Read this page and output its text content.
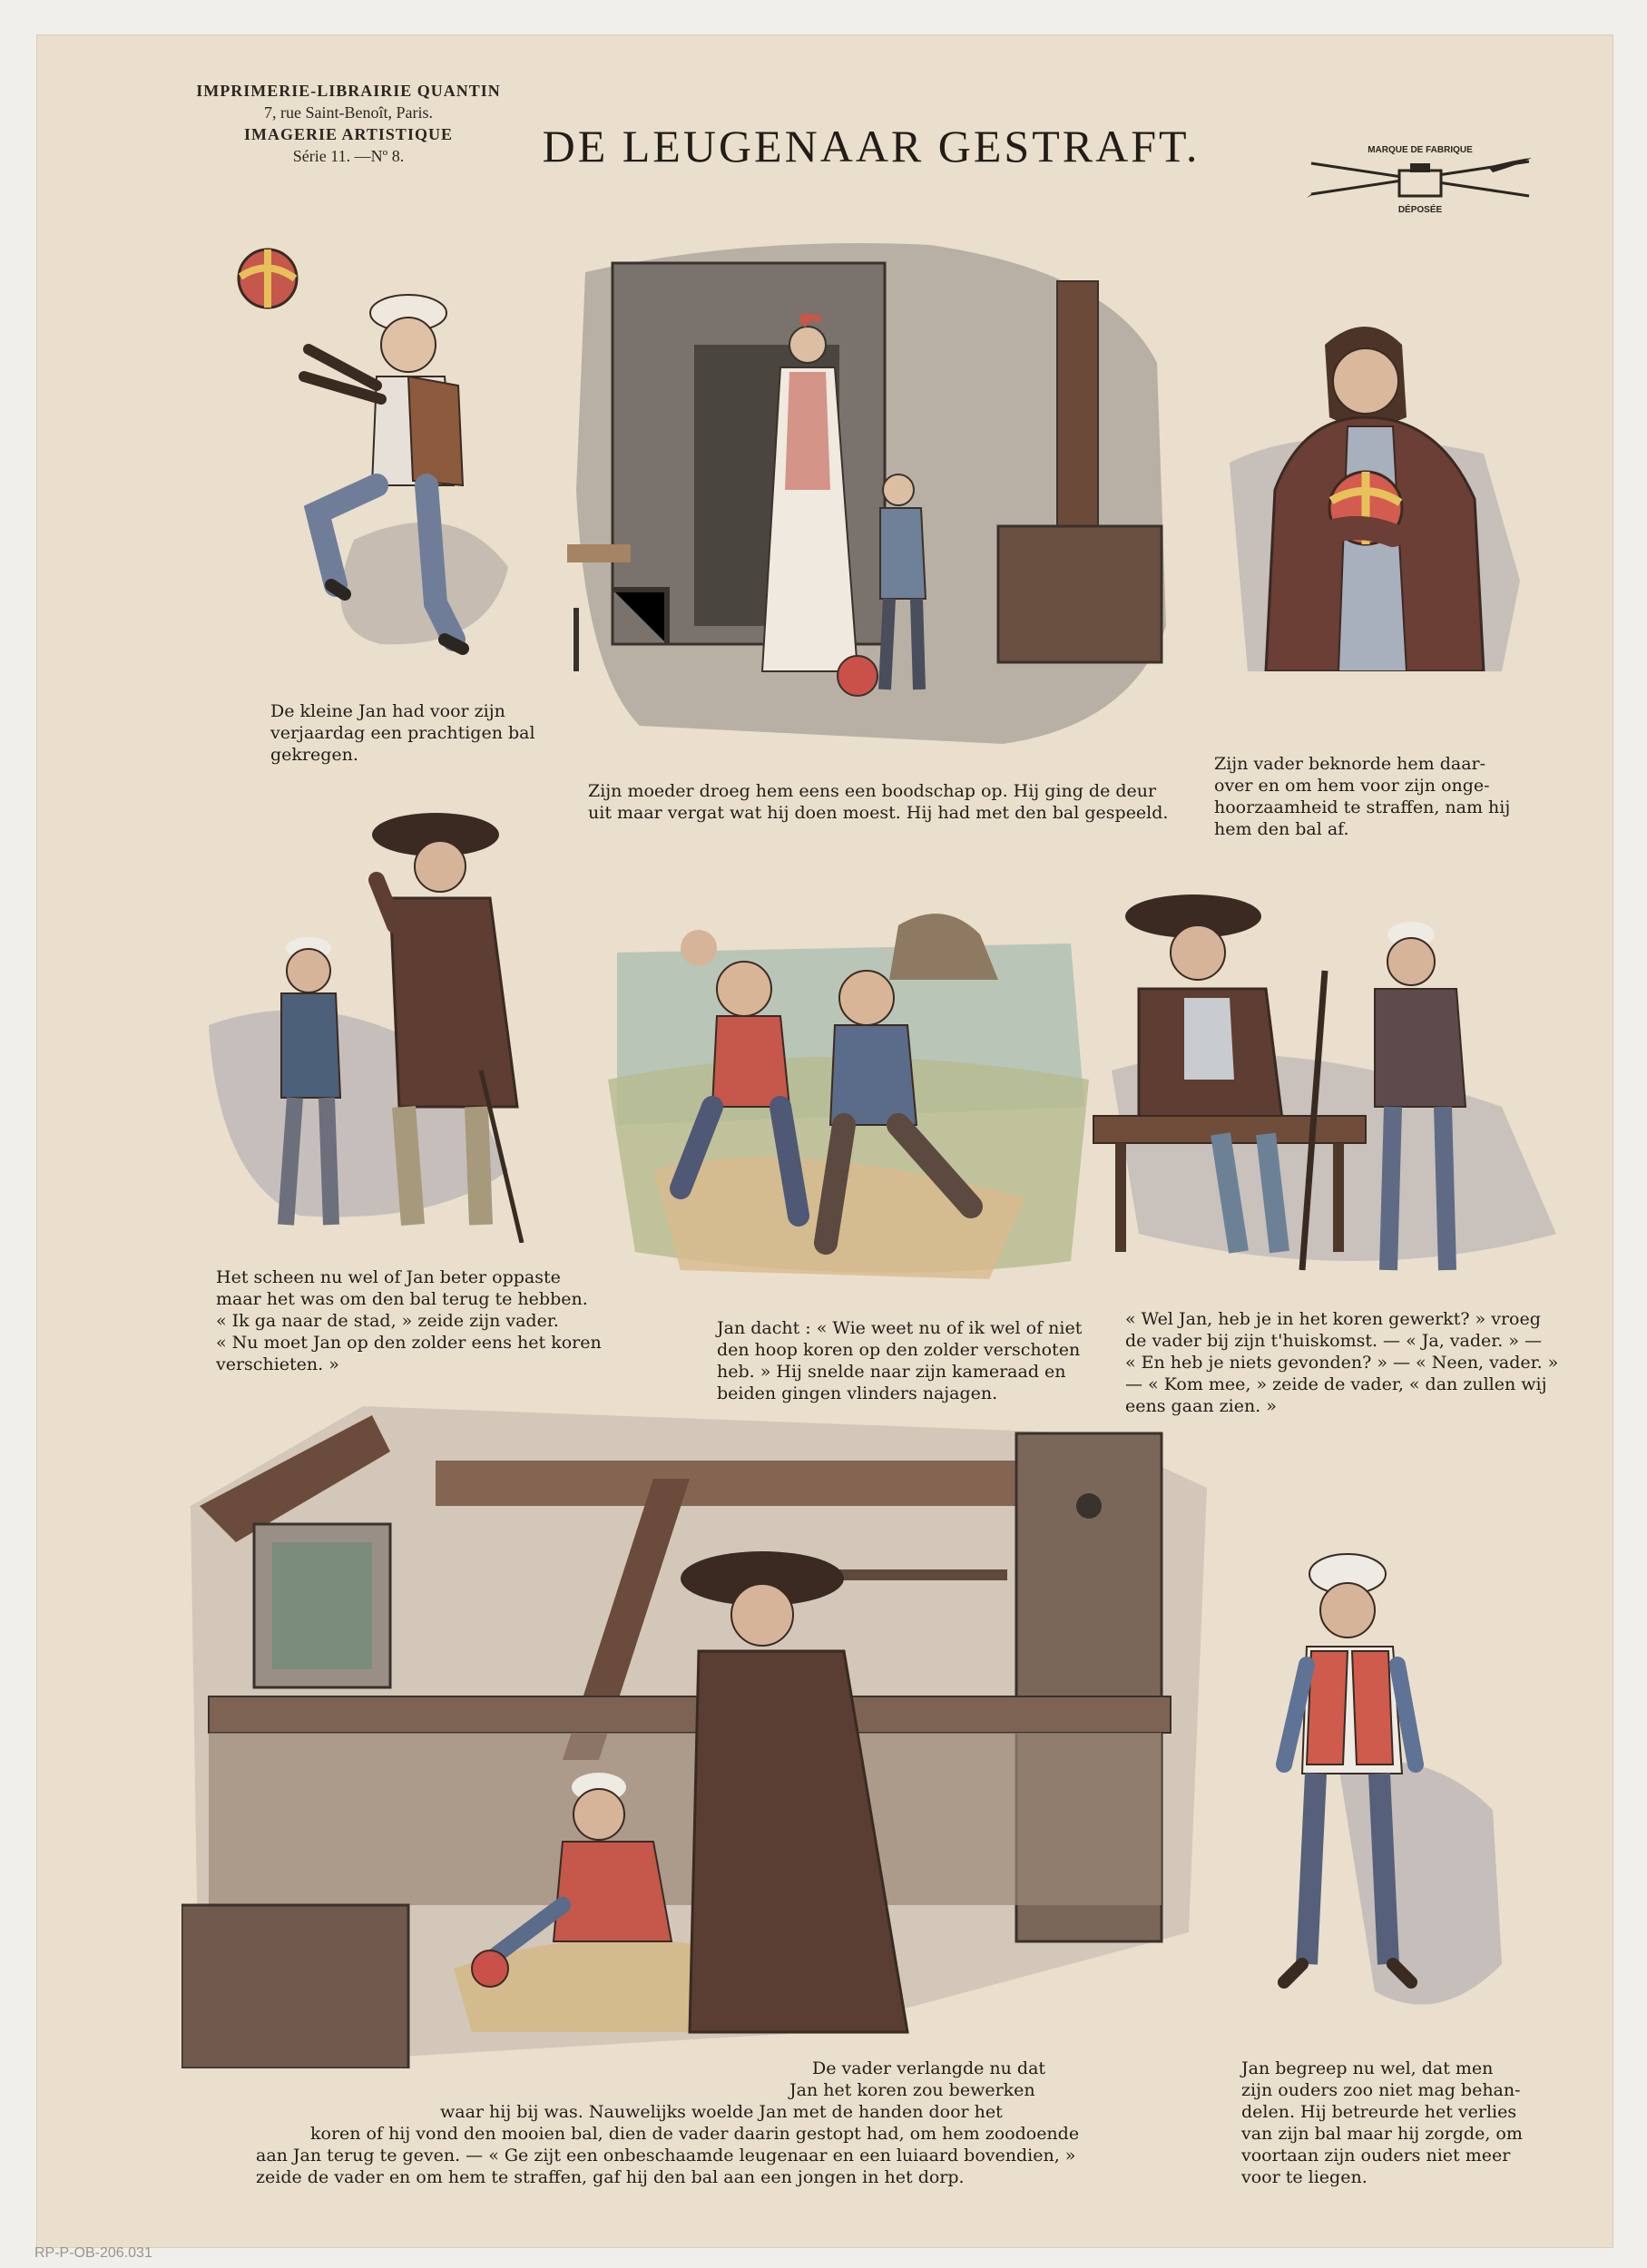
IMPRIMERIE-LIBRAIRIE QUANTIN
7, rue Saint-Benoît, Paris.
IMAGERIE ARTISTIQUE
Série 11. —Nº 8.	DE LEUGENAAR GESTRAFT.	MARQUE DE FABRIQUE
DÉPOSÉE
De kleine Jan had voor zijn
verjaardag een prachtigen bal
gekregen.
Zijn moeder droeg hem eens een boodschap op. Hij ging de deur
uit maar vergat wat hij doen moest. Hij had met den bal gespeeld.
Zijn vader beknorde hem daar-
over en om hem voor zijn onge-
hoorzaamheid te straffen, nam hij
hem den bal af.
Het scheen nu wel of Jan beter oppaste
maar het was om den bal terug te hebben.
« Ik ga naar de stad, » zeide zijn vader.
« Nu moet Jan op den zolder eens het koren
verschieten. »
Jan dacht : « Wie weet nu of ik wel of niet
den hoop koren op den zolder verschoten
heb. » Hij snelde naar zijn kameraad en
beiden gingen vlinders najagen.
« Wel Jan, heb je in het koren gewerkt? » vroeg
de vader bij zijn t'huiskomst. — « Ja, vader. » —
« En heb je niets gevonden? » — « Neen, vader. »
— « Kom mee, » zeide de vader, « dan zullen wij
eens gaan zien. »
De vader verlangde nu dat
Jan het koren zou bewerken
waar hij bij was. Nauwelijks woelde Jan met de handen door het
koren of hij vond den mooien bal, dien de vader daarin gestopt had, om hem zoodoende
aan Jan terug te geven. — « Ge zijt een onbeschaamde leugenaar en een luiaard bovendien, »
zeide de vader en om hem te straffen, gaf hij den bal aan een jongen in het dorp.
Jan begreep nu wel, dat men
zijn ouders zoo niet mag behan-
delen. Hij betreurde het verlies
van zijn bal maar hij zorgde, om
voortaan zijn ouders niet meer
voor te liegen.
RP-P-OB-206.031
